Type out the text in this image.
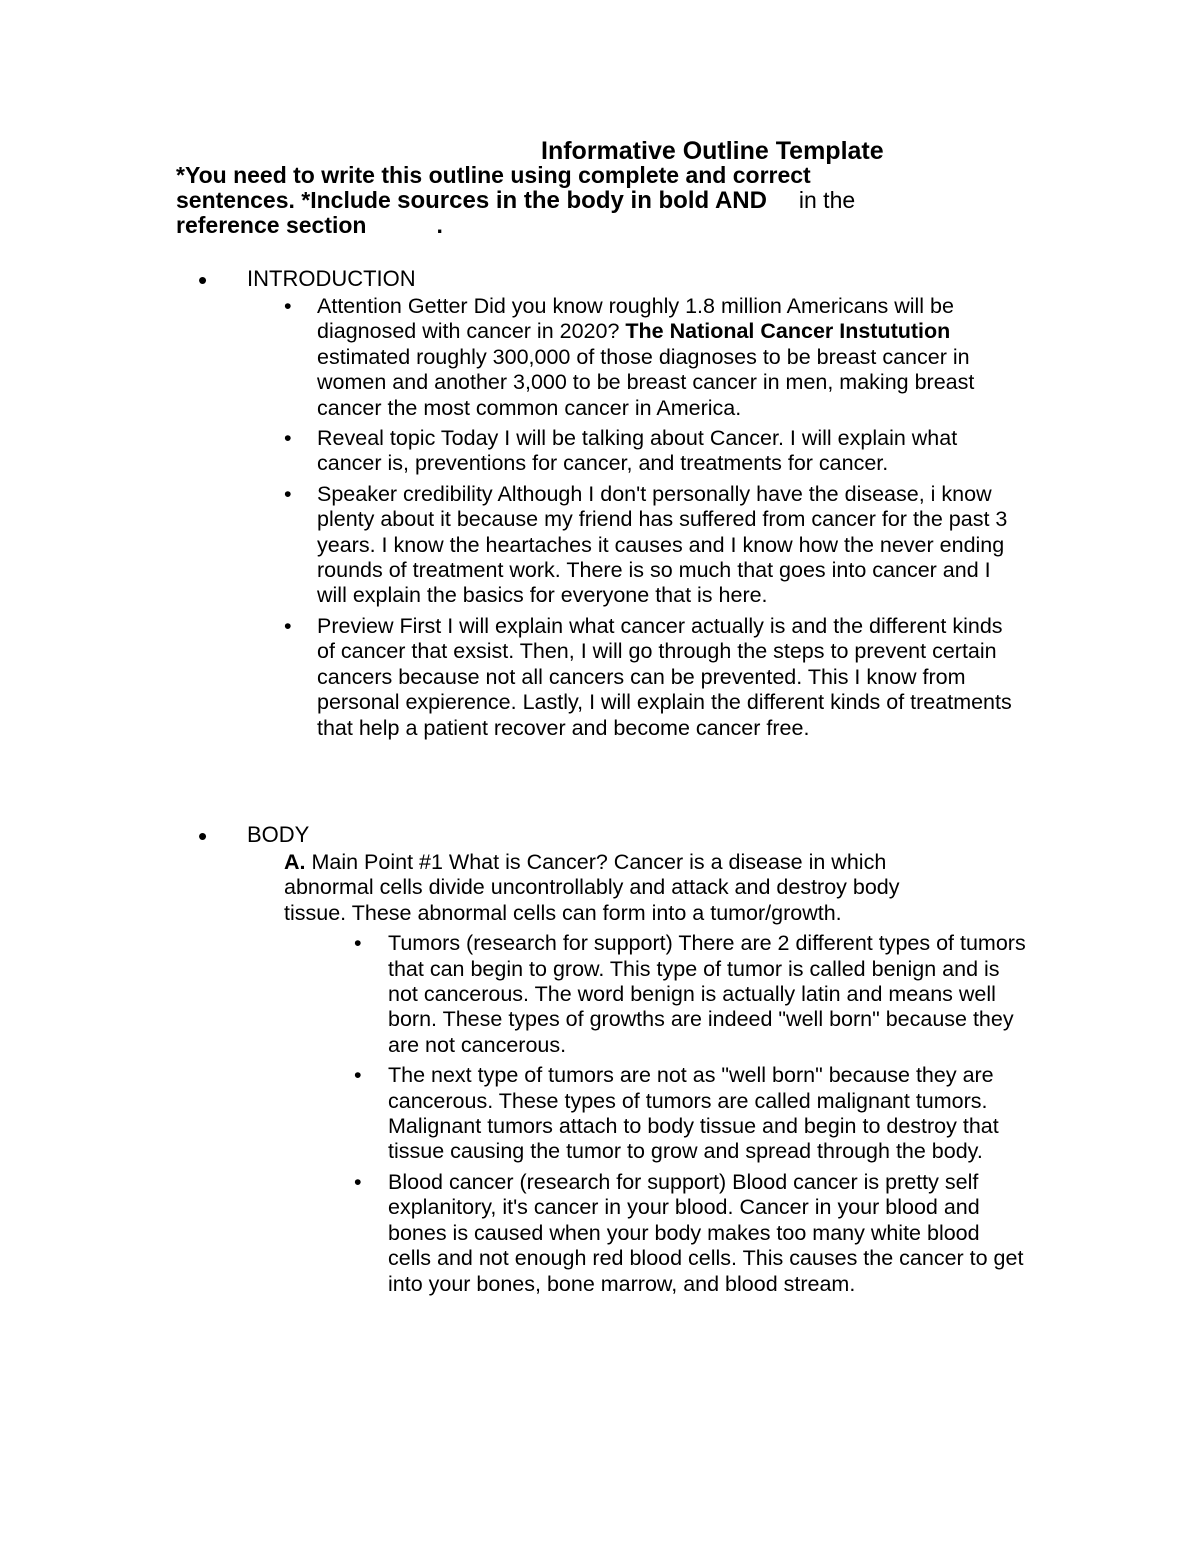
Informative Outline Template
*You need to write this outline using complete and correct
sentences. *Include sources in the body in bold AND in the
reference section	.
• INTRODUCTION
• Attention Getter Did you know roughly 1.8 million Americans will be diagnosed with cancer in 2020? The National Cancer Instutution estimated roughly 300,000 of those diagnoses to be breast cancer in women and another 3,000 to be breast cancer in men, making breast cancer the most common cancer in America.
• Reveal topic Today I will be talking about Cancer. I will explain what cancer is, preventions for cancer, and treatments for cancer.
• Speaker credibility Although I don't personally have the disease, i know plenty about it because my friend has suffered from cancer for the past 3 years. I know the heartaches it causes and I know how the never ending rounds of treatment work. There is so much that goes into cancer and I will explain the basics for everyone that is here.
• Preview First I will explain what cancer actually is and the different kinds of cancer that exsist. Then, I will go through the steps to prevent certain cancers because not all cancers can be prevented. This I know from personal expierence. Lastly, I will explain the different kinds of treatments that help a patient recover and become cancer free.
• BODY
A. Main Point #1 What is Cancer? Cancer is a disease in which abnormal cells divide uncontrollably and attack and destroy body tissue. These abnormal cells can form into a tumor/growth.
• Tumors (research for support) There are 2 different types of tumors that can begin to grow. This type of tumor is called benign and is not cancerous. The word benign is actually latin and means well born. These types of growths are indeed "well born" because they are not cancerous.
• The next type of tumors are not as "well born" because they are cancerous. These types of tumors are called malignant tumors. Malignant tumors attach to body tissue and begin to destroy that tissue causing the tumor to grow and spread through the body.
• Blood cancer (research for support) Blood cancer is pretty self explanitory, it's cancer in your blood. Cancer in your blood and bones is caused when your body makes too many white blood cells and not enough red blood cells. This causes the cancer to get into your bones, bone marrow, and blood stream.
